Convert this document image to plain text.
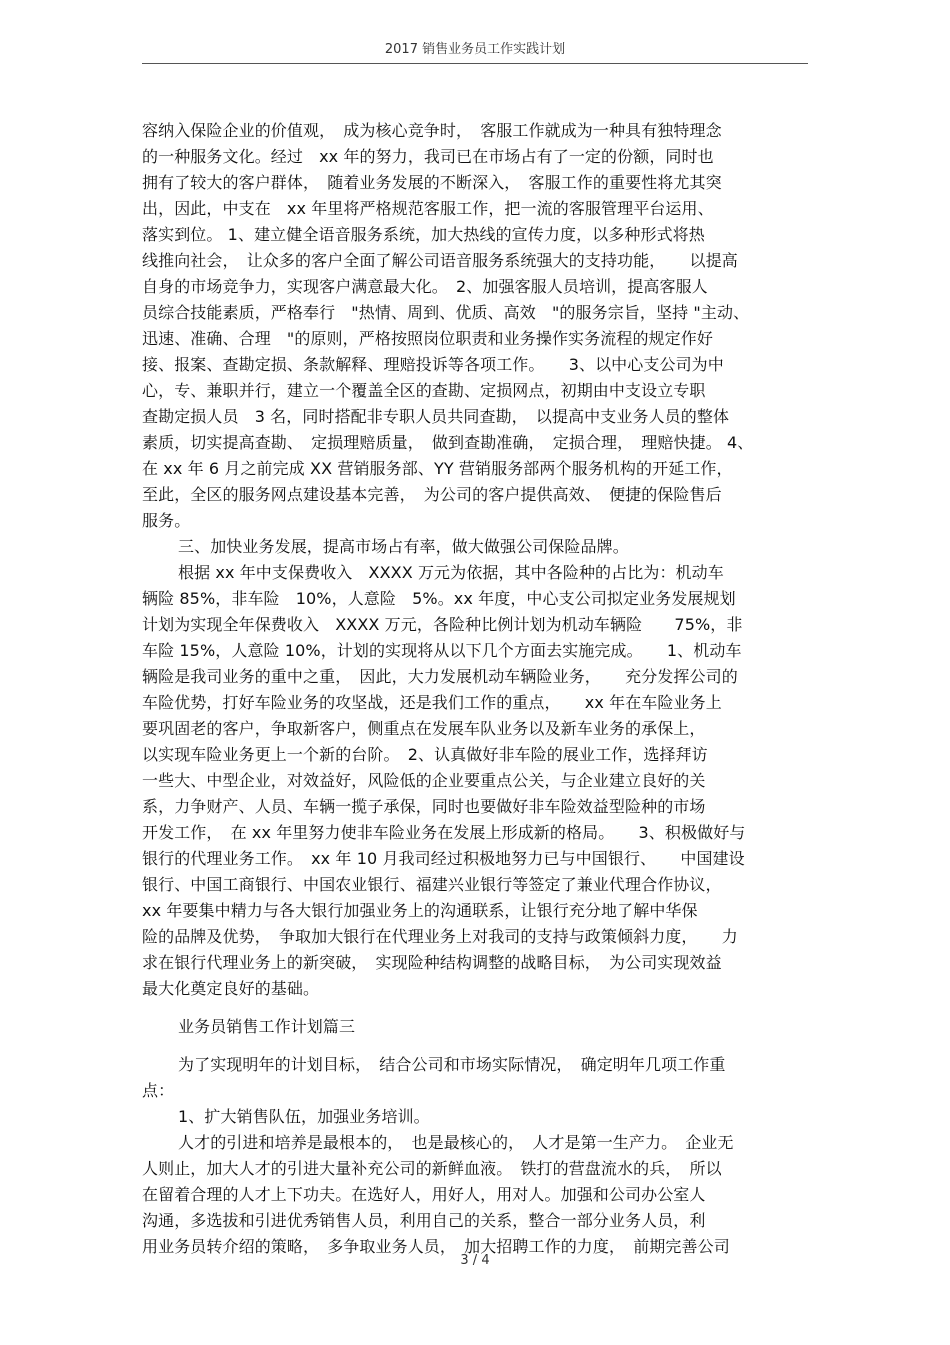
2017 销售业务员工作实践计划
容纳入保险企业的价值观，　成为核心竞争时，　客服工作就成为一种具有独特理念
的一种服务文化。经过　xx 年的努力，我司已在市场占有了一定的份额，同时也
拥有了较大的客户群体，　随着业务发展的不断深入，　客服工作的重要性将尤其突
出，因此，中支在　xx 年里将严格规范客服工作，把一流的客服管理平台运用、
落实到位。 1、建立健全语音服务系统，加大热线的宣传力度，以多种形式将热
线推向社会，　让众多的客户全面了解公司语音服务系统强大的支持功能，　　以提高
自身的市场竞争力，实现客户满意最大化。　2、加强客服人员培训，提高客服人
员综合技能素质，严格奉行　"热情、周到、优质、高效　"的服务宗旨，坚持 "主动、
迅速、准确、合理　"的原则，严格按照岗位职责和业务操作实务流程的规定作好
接、报案、查勘定损、条款解释、理赔投诉等各项工作。　　3、以中心支公司为中
心，专、兼职并行，建立一个覆盖全区的查勘、定损网点，初期由中支设立专职
查勘定损人员　3 名，同时搭配非专职人员共同查勘，　以提高中支业务人员的整体
素质，切实提高查勘、　定损理赔质量，　做到查勘准确，　定损合理，　理赔快捷。 4、
在 xx 年 6 月之前完成 XX 营销服务部、YY 营销服务部两个服务机构的开延工作，
至此，全区的服务网点建设基本完善，　为公司的客户提供高效、　便捷的保险售后
服务。
三、加快业务发展，提高市场占有率，做大做强公司保险品牌。
根据 xx 年中支保费收入　XXXX 万元为依据，其中各险种的占比为：机动车
辆险 85%，非车险　10%，人意险　5%。xx 年度，中心支公司拟定业务发展规划
计划为实现全年保费收入　XXXX 万元，各险种比例计划为机动车辆险　　75%，非
车险 15%，人意险 10%，计划的实现将从以下几个方面去实施完成。　　1、机动车
辆险是我司业务的重中之重，　因此，大力发展机动车辆险业务，　　充分发挥公司的
车险优势，打好车险业务的攻坚战，还是我们工作的重点，　　xx 年在车险业务上
要巩固老的客户，争取新客户，侧重点在发展车队业务以及新车业务的承保上，
以实现车险业务更上一个新的台阶。　2、认真做好非车险的展业工作，选择拜访
一些大、中型企业，对效益好，风险低的企业要重点公关，与企业建立良好的关
系，力争财产、人员、车辆一揽子承保，同时也要做好非车险效益型险种的市场
开发工作，　在 xx 年里努力使非车险业务在发展上形成新的格局。　　3、积极做好与
银行的代理业务工作。　xx 年 10 月我司经过积极地努力已与中国银行、　　中国建设
银行、中国工商银行、中国农业银行、福建兴业银行等签定了兼业代理合作协议，
xx 年要集中精力与各大银行加强业务上的沟通联系，让银行充分地了解中华保
险的品牌及优势，　争取加大银行在代理业务上对我司的支持与政策倾斜力度，　　力
求在银行代理业务上的新突破，　实现险种结构调整的战略目标，　为公司实现效益
最大化奠定良好的基础。
业务员销售工作计划篇三
为了实现明年的计划目标，　结合公司和市场实际情况，　确定明年几项工作重
点：
1、扩大销售队伍，加强业务培训。
人才的引进和培养是最根本的，　也是最核心的，　人才是第一生产力。　企业无
人则止，加大人才的引进大量补充公司的新鲜血液。　铁打的营盘流水的兵，　所以
在留着合理的人才上下功夫。在选好人，用好人，用对人。加强和公司办公室人
沟通，多选拔和引进优秀销售人员，利用自己的关系，整合一部分业务人员，利
用业务员转介绍的策略，　多争取业务人员，　加大招聘工作的力度，　前期完善公司
3 / 4
